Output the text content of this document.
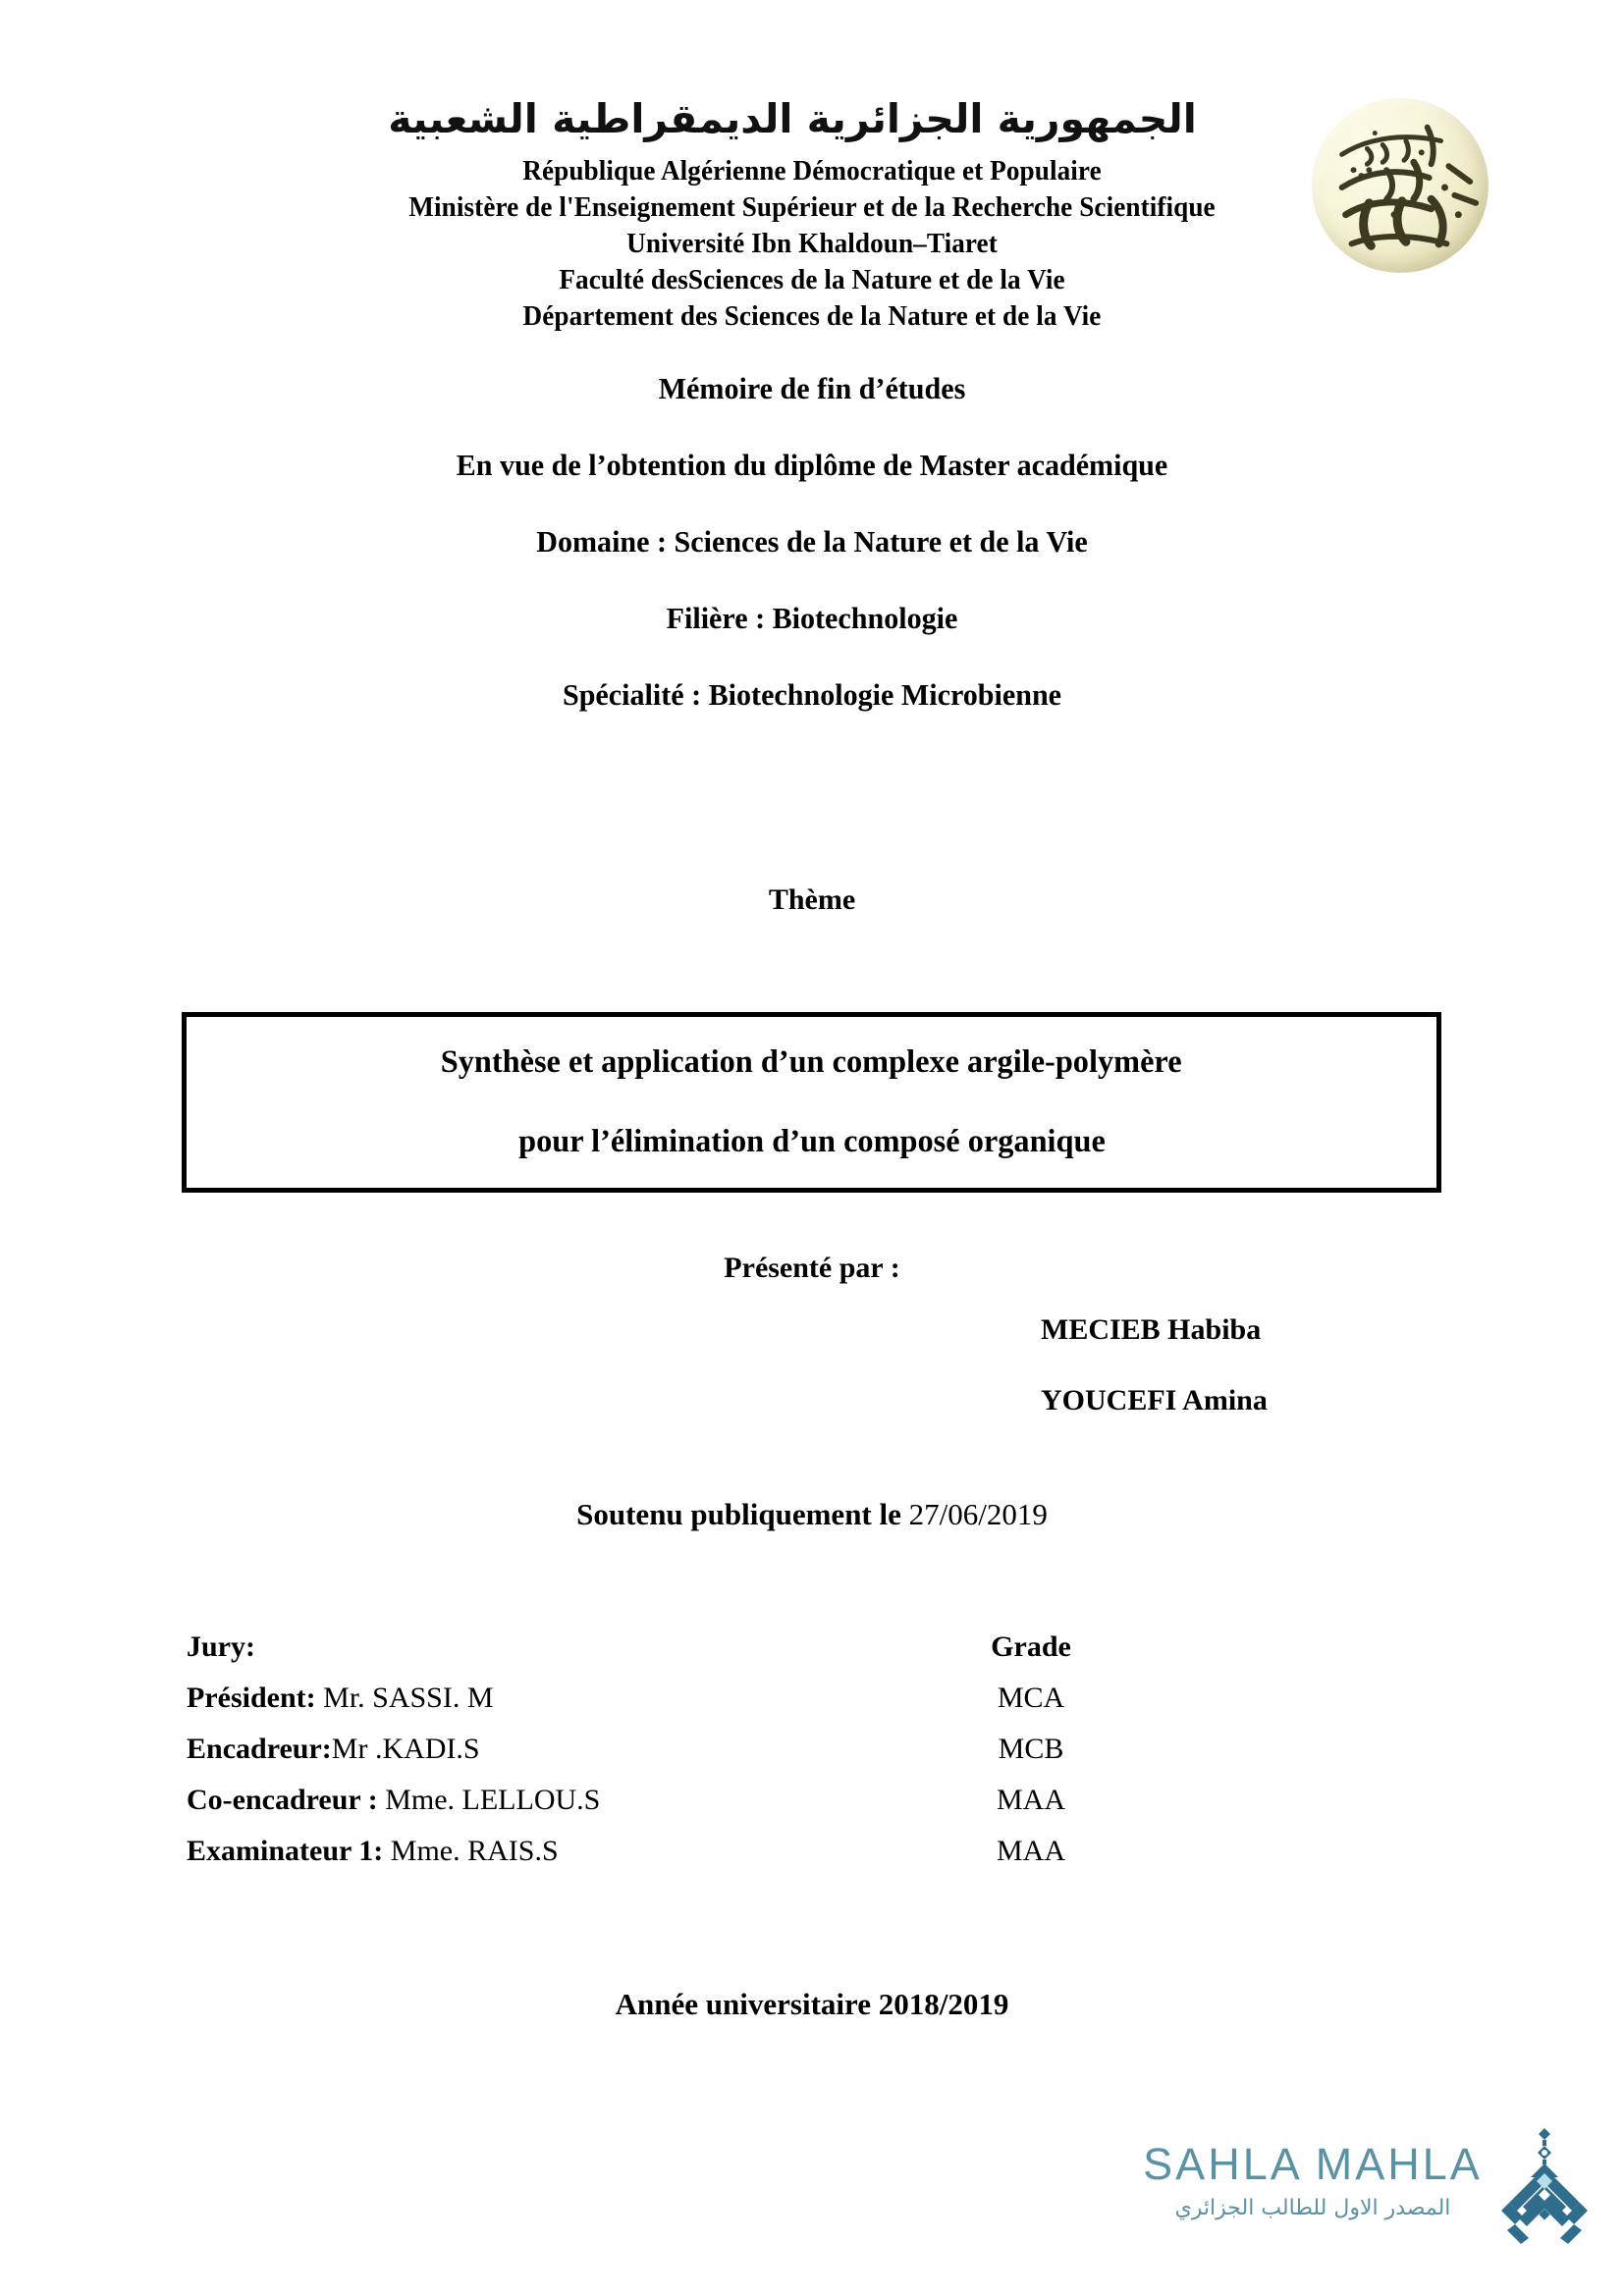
الجمهورية الجزائرية الديمقراطية الشعبية
République Algérienne Démocratique et Populaire
Ministère de l'Enseignement Supérieur et de la Recherche Scientifique
Université Ibn Khaldoun–Tiaret
Faculté desSciences de la Nature et de la Vie
Département des Sciences de la Nature et de la Vie
Mémoire de fin d’études
En vue de l’obtention du diplôme de Master académique
Domaine : Sciences de la Nature et de la Vie
Filière : Biotechnologie
Spécialité : Biotechnologie Microbienne
Thème
Synthèse et application d’un complexe argile-polymère
pour l’élimination d’un composé organique
Présenté par :
MECIEB Habiba
YOUCEFI Amina
Soutenu publiquement le 27/06/2019
Jury:	Grade
Président: Mr. SASSI. M	MCA
Encadreur:Mr .KADI.S	MCB
Co-encadreur : Mme. LELLOU.S	MAA
Examinateur 1: Mme. RAIS.S	MAA
Année universitaire 2018/2019
SAHLA MAHLA
المصدر الاول للطالب الجزائري
